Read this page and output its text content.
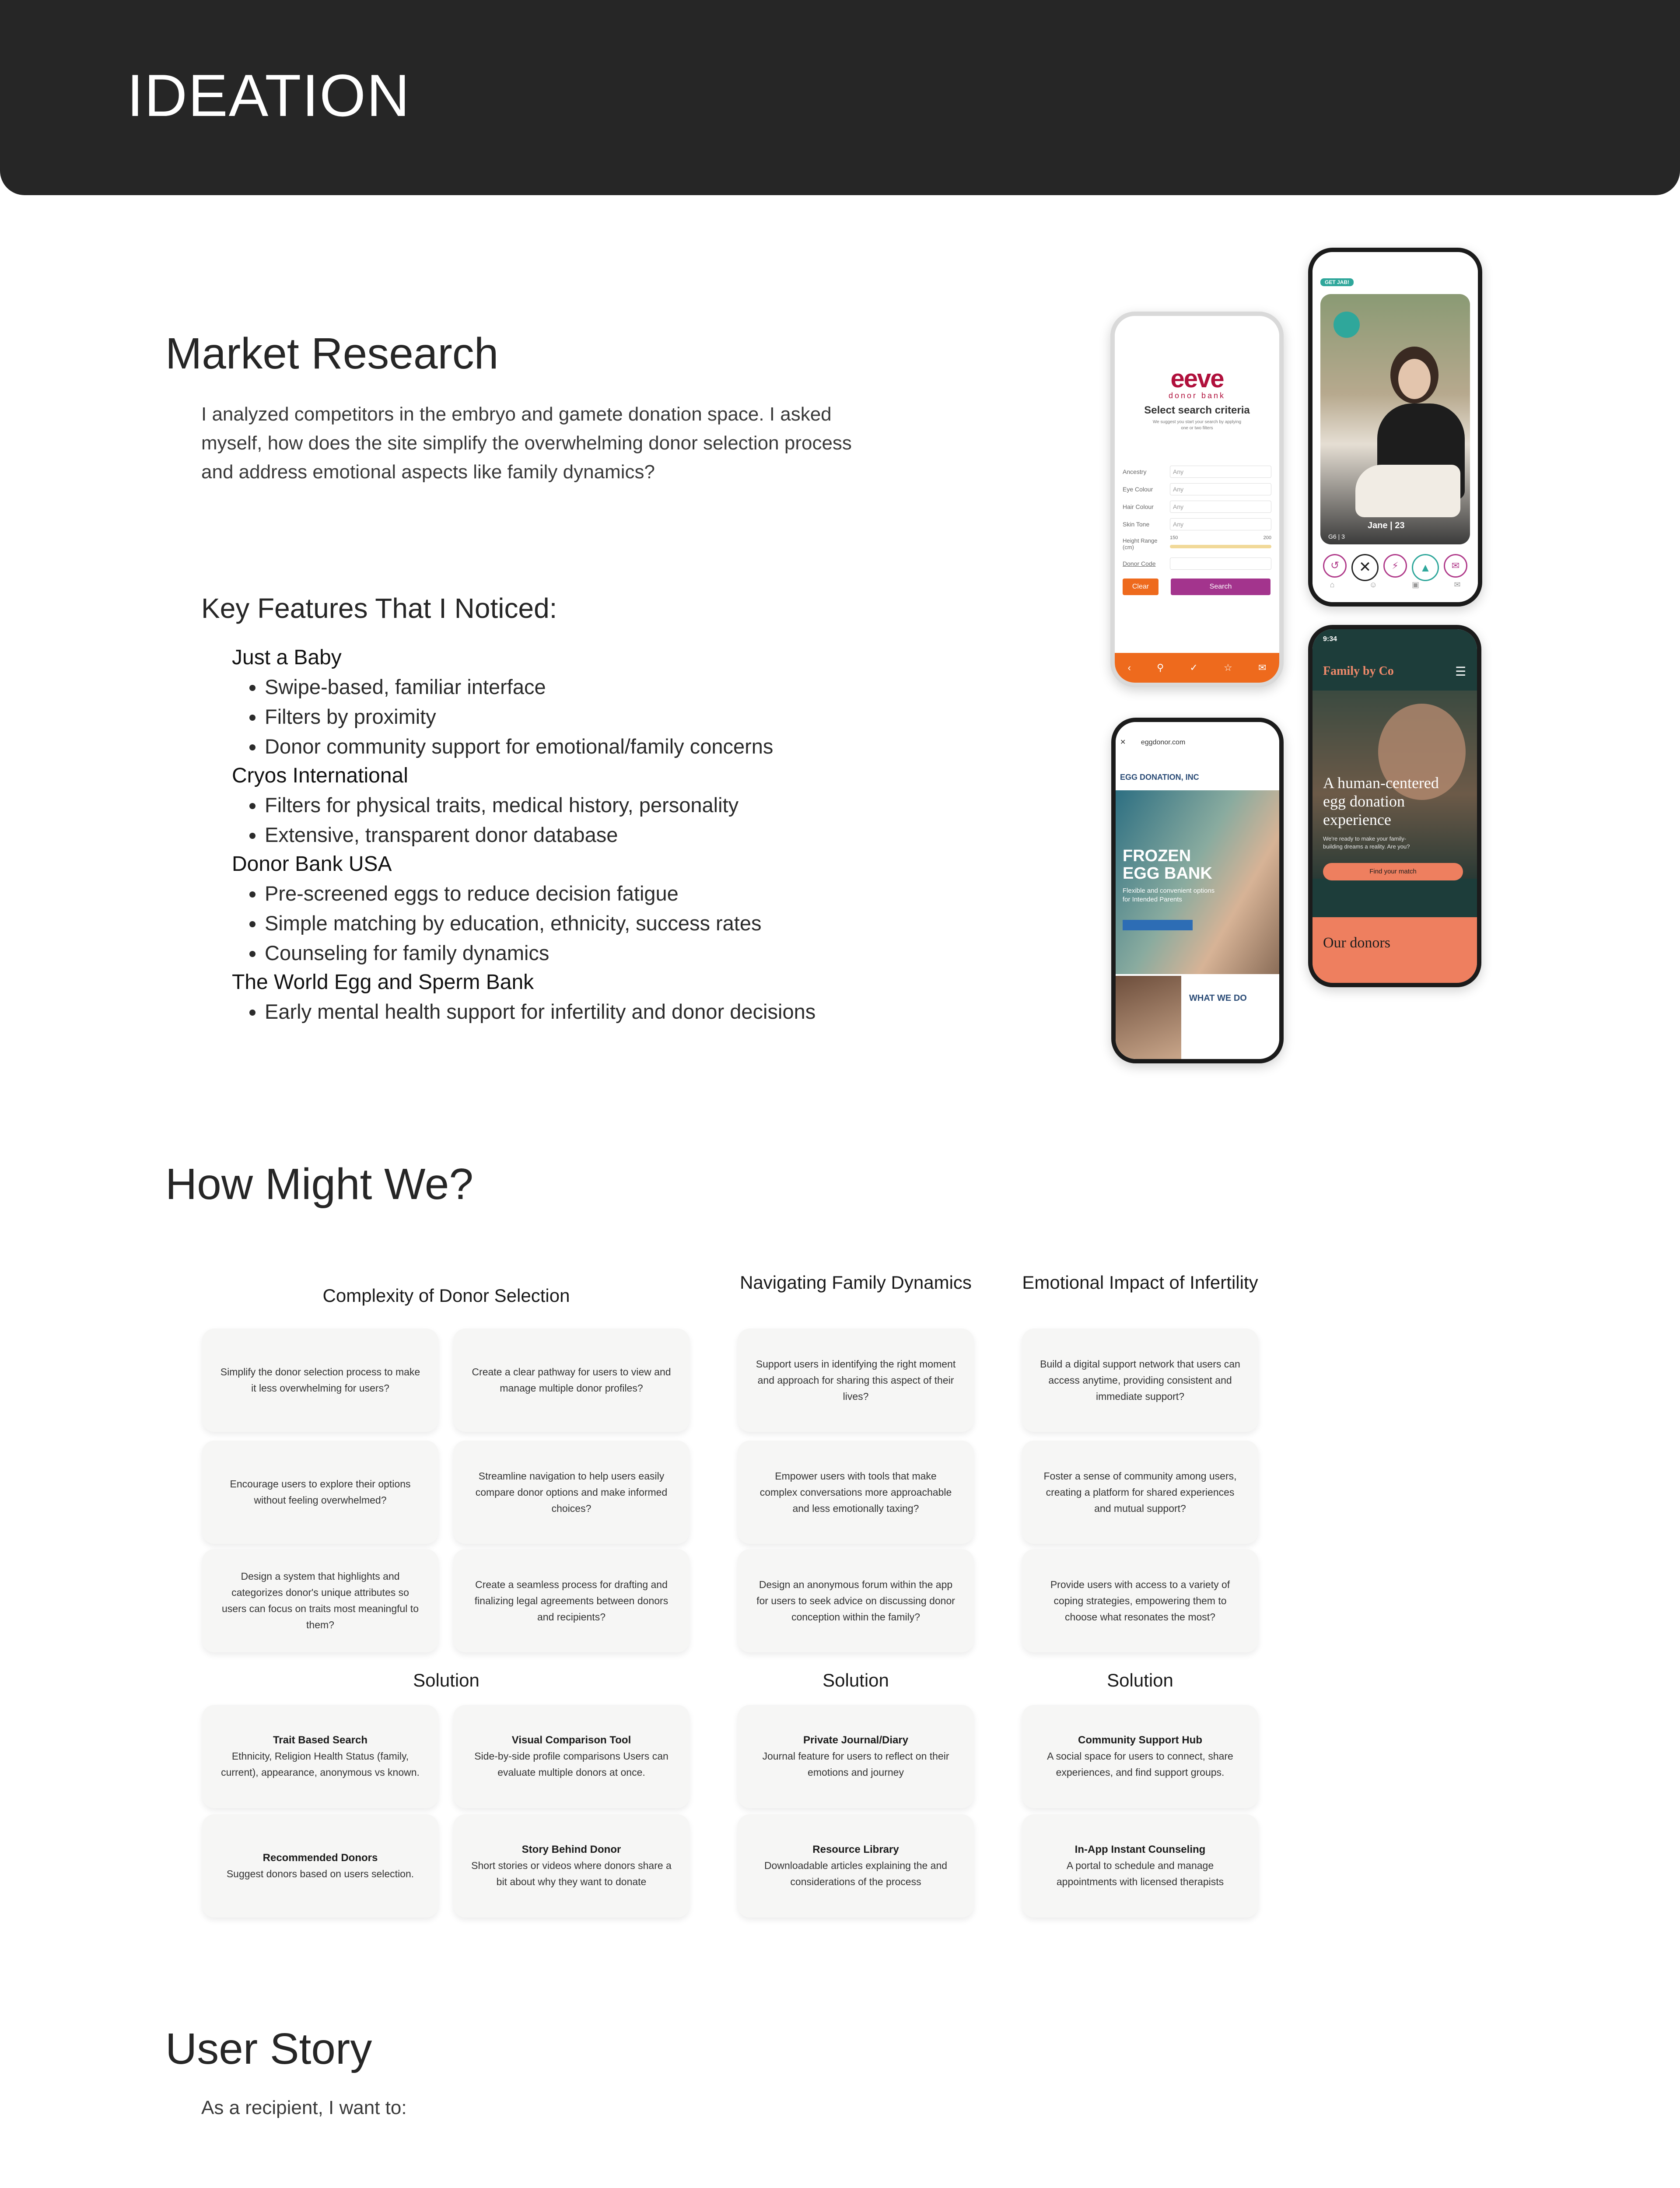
IDEATION
Market Research
I analyzed competitors in the embryo and gamete donation space. I asked myself, how does the site simplify the overwhelming donor selection process and address emotional aspects like family dynamics?
Key Features That I Noticed:
Just a Baby
• Swipe-based, familiar interface
• Filters by proximity
• Donor community support for emotional/family concerns
Cryos International
• Filters for physical traits, medical history, personality
• Extensive, transparent donor database
Donor Bank USA
• Pre-screened eggs to reduce decision fatigue
• Simple matching by education, ethnicity, success rates
• Counseling for family dynamics
The World Egg and Sperm Bank
• Early mental health support for infertility and donor decisions
eeve
donor bank
Select search criteria
We suggest you start your search by applying one or two filters
Ancestry	Any
Eye Colour	Any
Hair Colour	Any
Skin Tone	Any
Height Range (cm)
150	200
Donor Code
Clear	Search
‹	⚲	✓	☆	✉
GET JAB!
Jane | 23
G6 | 3
↺	✕	⚡	▲	✉
⌂	☺	▣	✉
✕ eggdonor.com
EGG DONATION, INC
FROZEN EGG BANK
Flexible and convenient options for Intended Parents
WHAT WE DO
9:34
Family by Co	☰
A human-centered egg donation experience
We're ready to make your family-building dreams a reality. Are you?
Find your match
Our donors
How Might We?
Complexity of Donor Selection
Navigating Family Dynamics	Emotional Impact of Infertility
Simplify the donor selection process to make it less overwhelming for users?
Create a clear pathway for users to view and manage multiple donor profiles?
Encourage users to explore their options without feeling overwhelmed?
Streamline navigation to help users easily compare donor options and make informed choices?
Design a system that highlights and categorizes donor's unique attributes so users can focus on traits most meaningful to them?
Create a seamless process for drafting and finalizing legal agreements between donors and recipients?
Support users in identifying the right moment and approach for sharing this aspect of their lives?
Empower users with tools that make complex conversations more approachable and less emotionally taxing?
Design an anonymous forum within the app for users to seek advice on discussing donor conception within the family?
Build a digital support network that users can access anytime, providing consistent and immediate support?
Foster a sense of community among users, creating a platform for shared experiences and mutual support?
Provide users with access to a variety of coping strategies, empowering them to choose what resonates the most?
Solution	Solution	Solution
Trait Based Search
Ethnicity, Religion Health Status (family, current), appearance, anonymous vs known.
Visual Comparison Tool
Side-by-side profile comparisons Users can evaluate multiple donors at once.
Recommended Donors
Suggest donors based on users selection.
Story Behind Donor
Short stories or videos where donors share a bit about why they want to donate
Private Journal/Diary
Journal feature for users to reflect on their emotions and journey
Resource Library
Downloadable articles explaining the and considerations of the process
Community Support Hub
A social space for users to connect, share experiences, and find support groups.
In-App Instant Counseling
A portal to schedule and manage appointments with licensed therapists
User Story
As a recipient, I want to:
